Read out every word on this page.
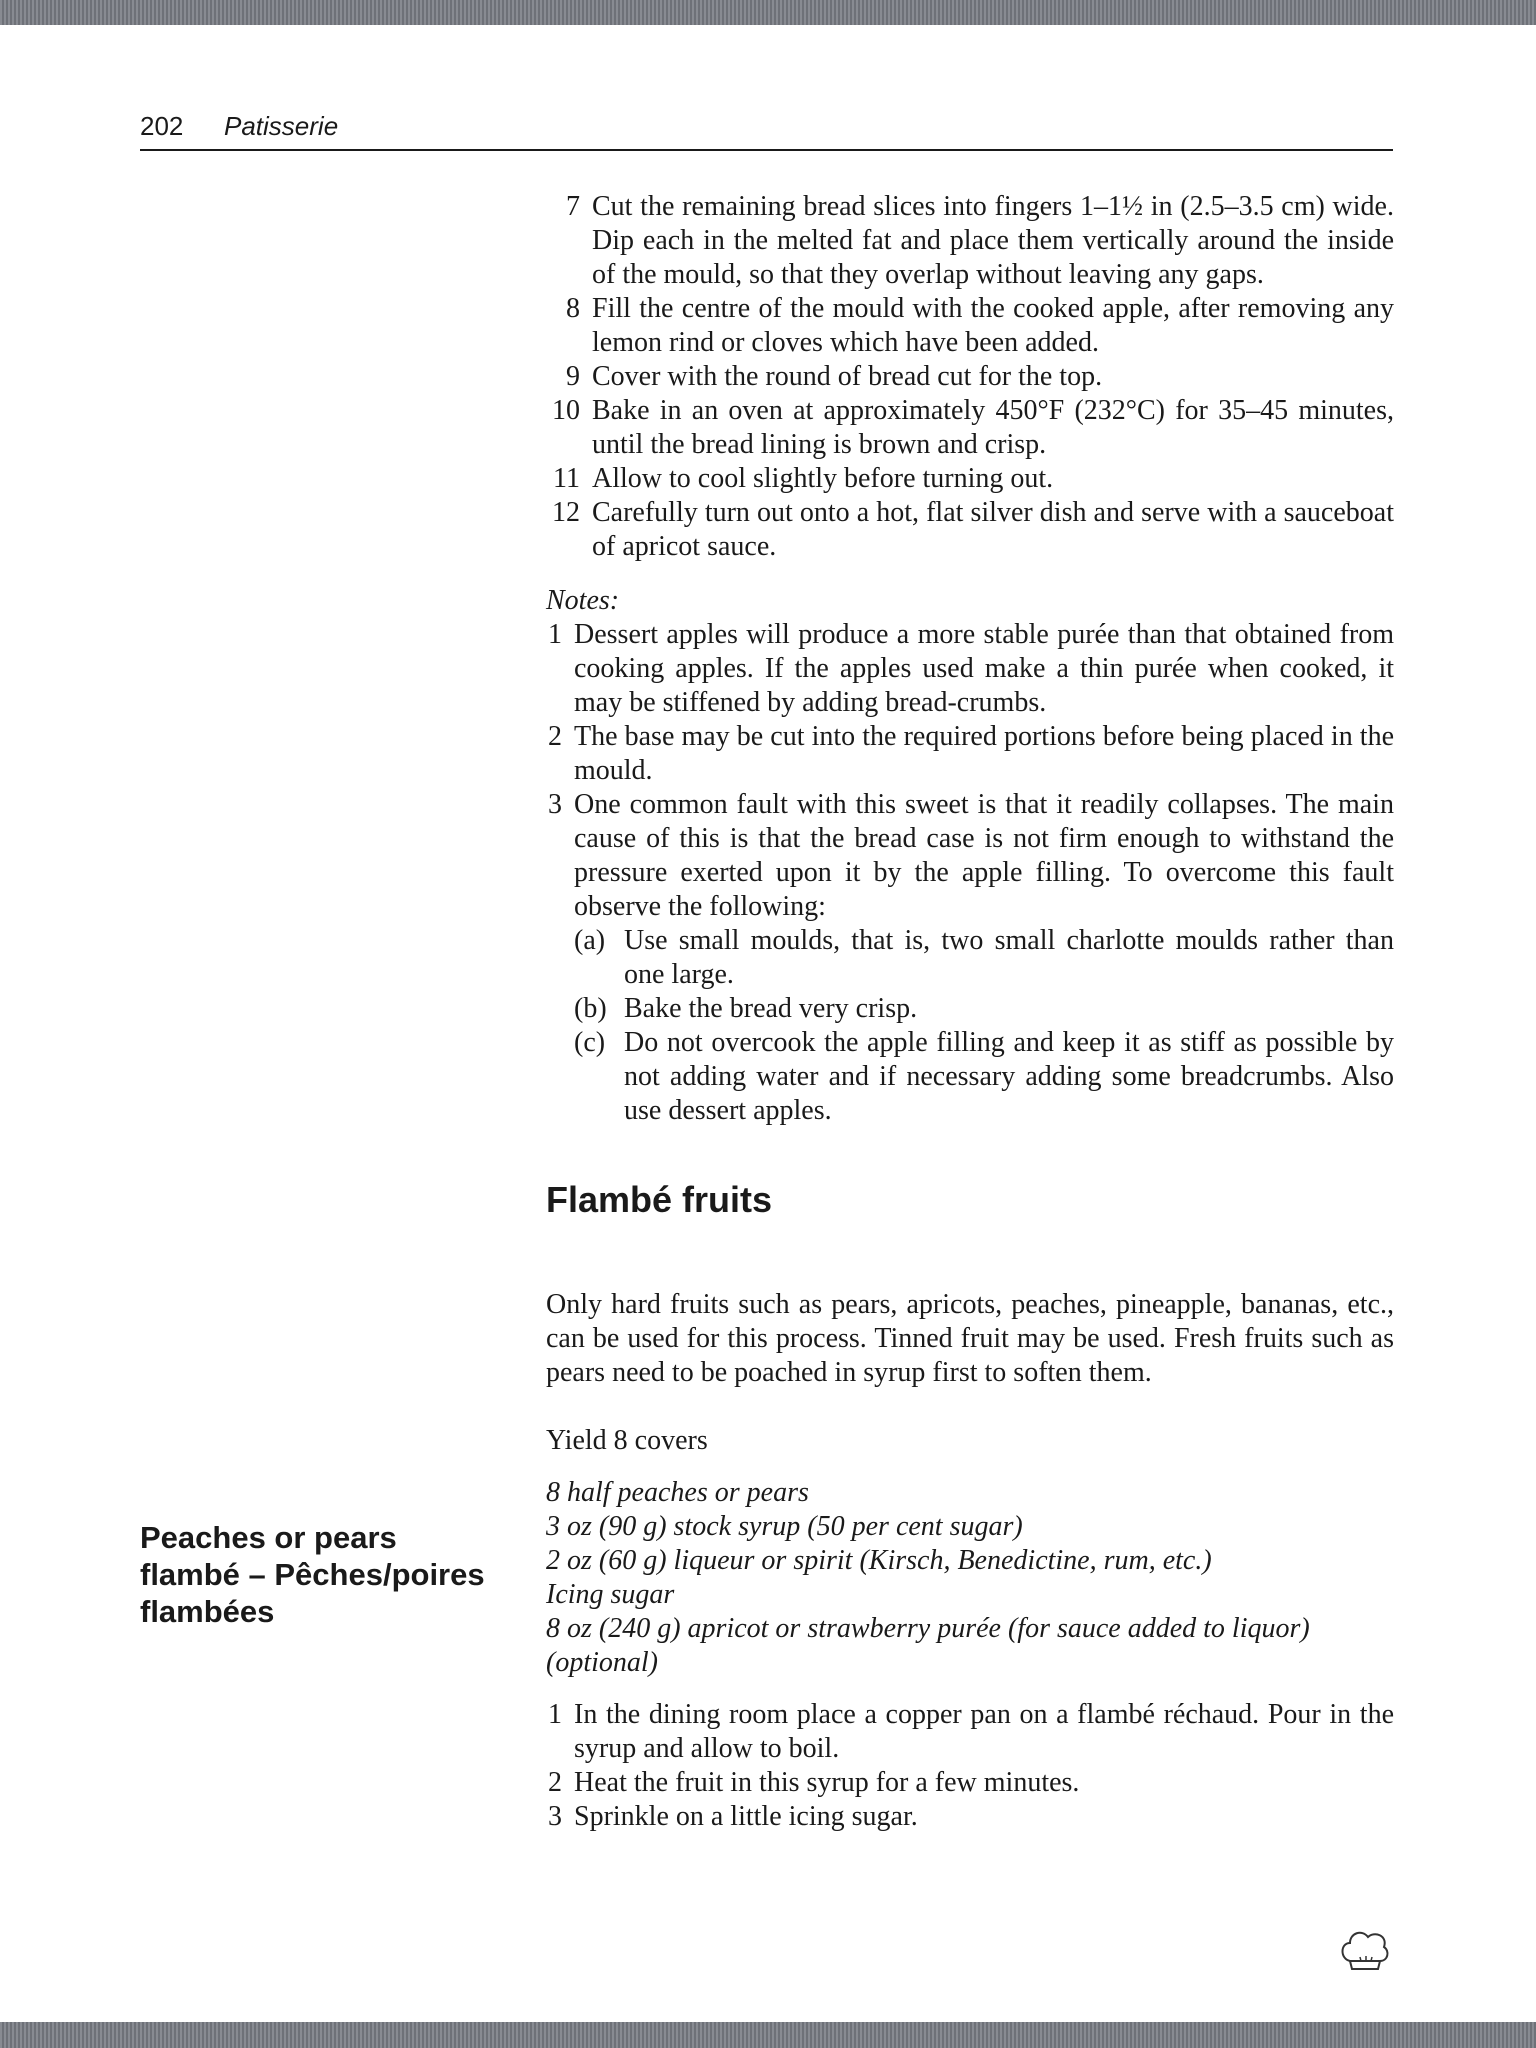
202 Patisserie
7 Cut the remaining bread slices into fingers 1–1½ in (2.5–3.5 cm) wide. Dip each in the melted fat and place them vertically around the inside of the mould, so that they overlap without leaving any gaps.
8 Fill the centre of the mould with the cooked apple, after removing any lemon rind or cloves which have been added.
9 Cover with the round of bread cut for the top.
10 Bake in an oven at approximately 450°F (232°C) for 35–45 minutes, until the bread lining is brown and crisp.
11 Allow to cool slightly before turning out.
12 Carefully turn out onto a hot, flat silver dish and serve with a sauceboat of apricot sauce.
Notes:
1 Dessert apples will produce a more stable purée than that obtained from cooking apples. If the apples used make a thin purée when cooked, it may be stiffened by adding bread-crumbs.
2 The base may be cut into the required portions before being placed in the mould.
3 One common fault with this sweet is that it readily collapses. The main cause of this is that the bread case is not firm enough to withstand the pressure exerted upon it by the apple filling. To overcome this fault observe the following:
(a) Use small moulds, that is, two small charlotte moulds rather than one large.
(b) Bake the bread very crisp.
(c) Do not overcook the apple filling and keep it as stiff as possible by not adding water and if necessary adding some breadcrumbs. Also use dessert apples.
Flambé fruits
Only hard fruits such as pears, apricots, peaches, pineapple, bananas, etc., can be used for this process. Tinned fruit may be used. Fresh fruits such as pears need to be poached in syrup first to soften them.
Yield 8 covers
8 half peaches or pears
3 oz (90 g) stock syrup (50 per cent sugar)
2 oz (60 g) liqueur or spirit (Kirsch, Benedictine, rum, etc.)
Icing sugar
8 oz (240 g) apricot or strawberry purée (for sauce added to liquor) (optional)
1 In the dining room place a copper pan on a flambé réchaud. Pour in the syrup and allow to boil.
2 Heat the fruit in this syrup for a few minutes.
3 Sprinkle on a little icing sugar.
Peaches or pears
flambé – Pêches/poires
flambées
